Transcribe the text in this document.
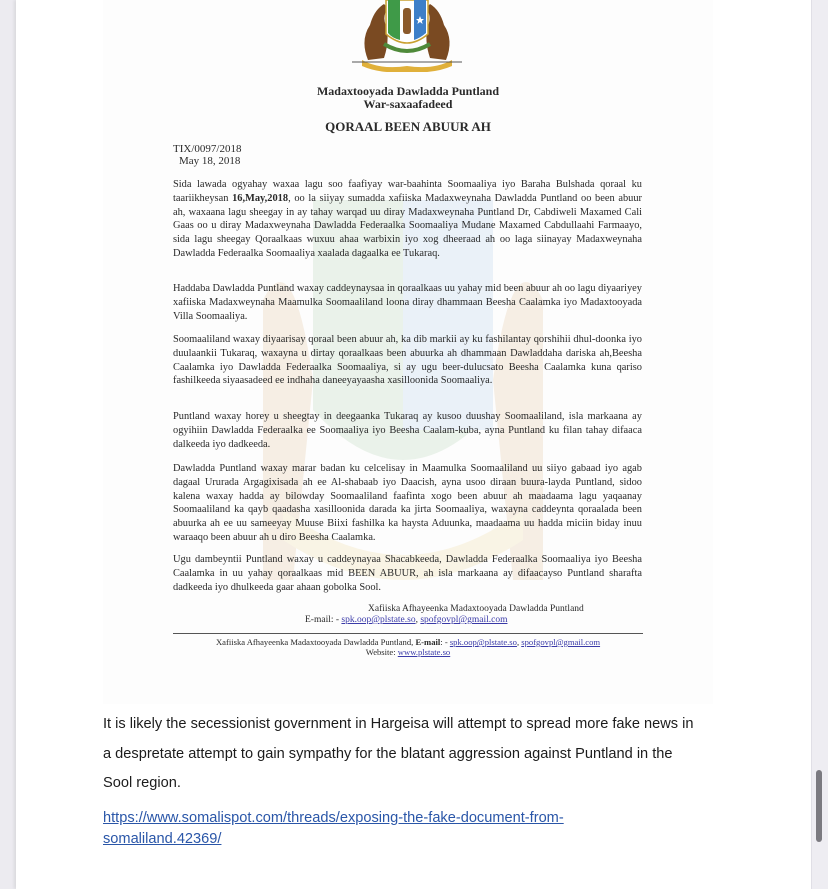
Madaxtooyada Dawladda Puntland
War-saxaafadeed
QORAAL BEEN ABUUR AH
TIX/0097/2018
May 18, 2018
Sida lawada ogyahay waxaa lagu soo faafiyay war-baahinta Soomaaliya iyo Baraha Bulshada qoraal ku taariikheysan 16,May,2018, oo la siiyay sumadda xafiiska Madaxweynaha Dawladda Puntland oo been abuur ah, waxaana lagu sheegay in ay tahay warqad uu diray Madaxweynaha Puntland Dr, Cabdiweli Maxamed Cali Gaas oo u diray Madaxweynaha Dawladda Federaalka Soomaaliya Mudane Maxamed Cabdullaahi Farmaayo, sida lagu sheegay Qoraalkaas wuxuu ahaa warbixin iyo xog dheeraad ah oo laga siinayay Madaxweynaha Dawladda Federaalka Soomaaliya xaalada dagaalka ee Tukaraq.
Haddaba Dawladda Puntland waxay caddeynaysaa in qoraalkaas uu yahay mid been abuur ah oo lagu diyaariyey xafiiska Madaxweynaha Maamulka Soomaaliland loona diray dhammaan Beesha Caalamka iyo Madaxtooyada Villa Soomaaliya.
Soomaaliland waxay diyaarisay qoraal been abuur ah, ka dib markii ay ku fashilantay qorshihii dhul-doonka iyo duulaankii Tukaraq, waxayna u dirtay qoraalkaas been abuurka ah dhammaan Dawladdaha dariska ah,Beesha Caalamka iyo Dawladda Federaalka Soomaaliya, si ay ugu beer-dulucsato Beesha Caalamka kuna qariso fashilkeeda siyaasadeed ee indhaha daneeyayaasha xasilloonida Soomaaliya.
Puntland waxay horey u sheegtay in deegaanka Tukaraq ay kusoo duushay Soomaaliland, isla markaana ay ogyihiin Dawladda Federaalka ee Soomaaliya iyo Beesha Caalam-kuba, ayna Puntland ku filan tahay difaaca dalkeeda iyo dadkeeda.
Dawladda Puntland waxay marar badan ku celcelisay in Maamulka Soomaaliland uu siiyo gabaad iyo agab dagaal Ururada Argagixisada ah ee Al-shabaab iyo Daacish, ayna usoo diraan buura-layda Puntland, sidoo kalena waxay hadda ay bilowday Soomaaliland faafinta xogo been abuur ah maadaama lagu yaqaanay Soomaaliland ka qayb qaadasha xasilloonida darada ka jirta Soomaaliya, waxayna caddeynta qoraalada been abuurka ah ee uu sameeyay Muuse Biixi fashilka ka haysta Aduunka, maadaama uu hadda miciin biday inuu waraaqo been abuur ah u diro Beesha Caalamka.
Ugu dambeyntii Puntland waxay u caddeynayaa Shacabkeeda, Dawladda Federaalka Soomaaliya iyo Beesha Caalamka in uu yahay qoraalkaas mid BEEN ABUUR, ah isla markaana ay difaacayso Puntland sharafta dadkeeda iyo dhulkeeda gaar ahaan gobolka Sool.
Xafiiska Afhayeenka Madaxtooyada Dawladda Puntland
E-mail: - spk.oop@plstate.so, spofgovpl@gmail.com
Xafiiska Afhayeenka Madaxtooyada Dawladda Puntland, E-mail: - spk.oop@plstate.so, spofgovpl@gmail.com
Website: www.plstate.so
It is likely the secessionist government in Hargeisa will attempt to spread more fake news in a despretate attempt to gain sympathy for the blatant aggression against Puntland in the Sool region.
https://www.somalispot.com/threads/exposing-the-fake-document-from-somaliland.42369/
